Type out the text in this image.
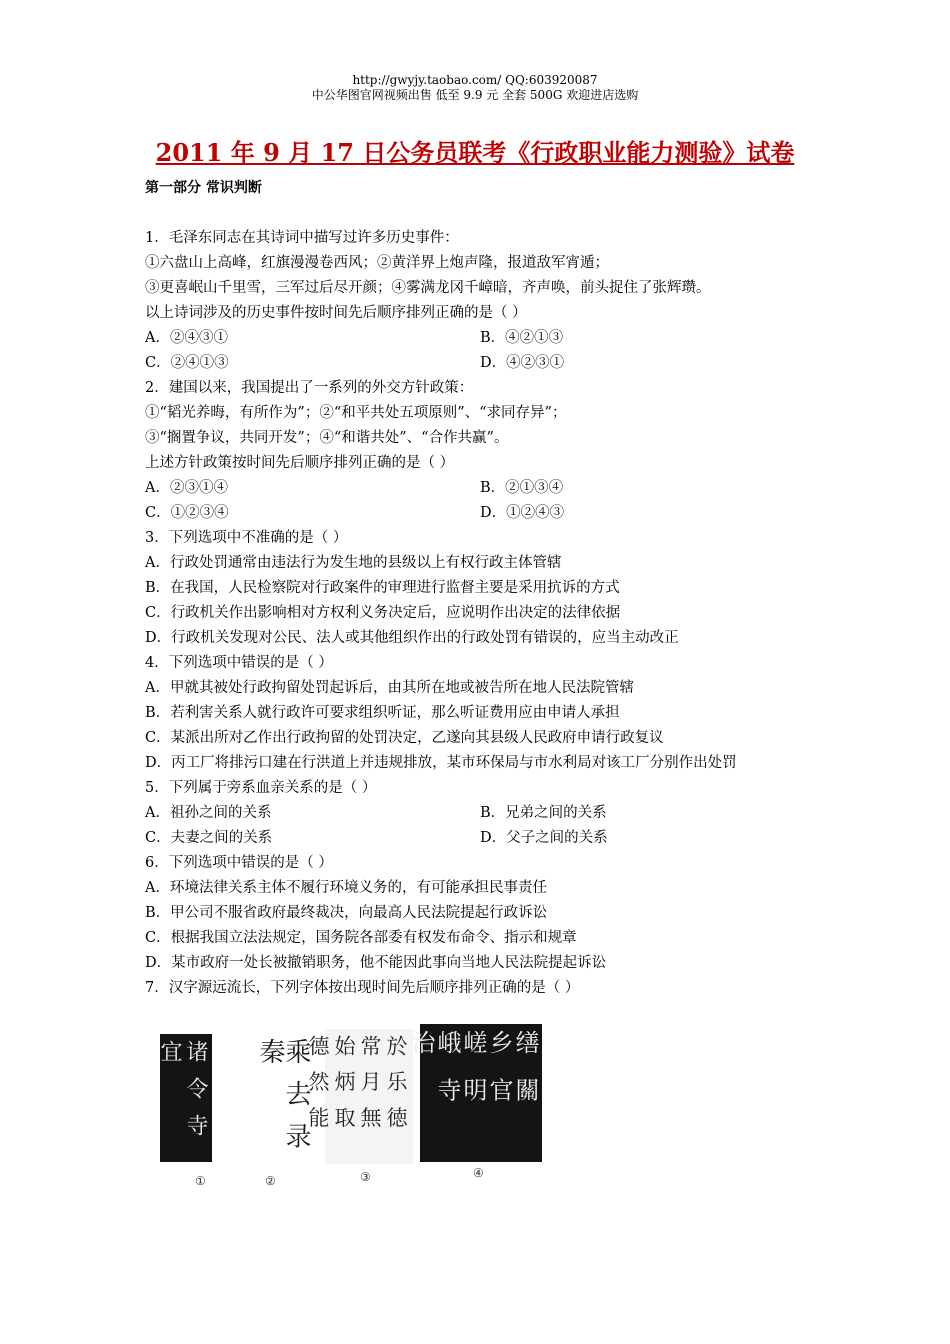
http://gwyjy.taobao.com/ QQ:603920087
中公华图官网视频出售 低至 9.9 元 全套 500G 欢迎进店选购
2011 年 9 月 17 日公务员联考《行政职业能力测验》试卷
第一部分 常识判断
1．毛泽东同志在其诗词中描写过许多历史事件：
①六盘山上高峰，红旗漫漫卷西风；②黄洋界上炮声隆，报道敌军宵遁；
③更喜岷山千里雪，三军过后尽开颜；④雾满龙冈千嶂暗，齐声唤，前头捉住了张辉瓒。
以上诗词涉及的历史事件按时间先后顺序排列正确的是（ ）
A．②④③①	B．④②①③
C．②④①③	D．④②③①
2．建国以来，我国提出了一系列的外交方针政策：
①“韬光养晦，有所作为”；②“和平共处五项原则”、“求同存异”；
③“搁置争议，共同开发”；④“和谐共处”、“合作共赢”。
上述方针政策按时间先后顺序排列正确的是（ ）
A．②③①④	B．②①③④
C．①②③④	D．①②④③
3．下列选项中不准确的是（ ）
A．行政处罚通常由违法行为发生地的县级以上有权行政主体管辖
B．在我国，人民检察院对行政案件的审理进行监督主要是采用抗诉的方式
C．行政机关作出影响相对方权利义务决定后，应说明作出决定的法律依据
D．行政机关发现对公民、法人或其他组织作出的行政处罚有错误的，应当主动改正
4．下列选项中错误的是（ ）
A．甲就其被处行政拘留处罚起诉后，由其所在地或被告所在地人民法院管辖
B．若利害关系人就行政许可要求组织听证，那么听证费用应由申请人承担
C．某派出所对乙作出行政拘留的处罚决定，乙遂向其县级人民政府申请行政复议
D．丙工厂将排污口建在行洪道上并违规排放，某市环保局与市水利局对该工厂分别作出处罚
5．下列属于旁系血亲关系的是（ ）
A．祖孙之间的关系	B．兄弟之间的关系
C．夫妻之间的关系	D．父子之间的关系
6．下列选项中错误的是（ ）
A．环境法律关系主体不履行环境义务的，有可能承担民事责任
B．甲公司不服省政府最终裁决，向最高人民法院提起行政诉讼
C．根据我国立法法规定，国务院各部委有权发布命令、指示和规章
D．某市政府一处长被撤销职务，他不能因此事向当地人民法院提起诉讼
7．汉字源远流长，下列字体按出现时间先后顺序排列正确的是（ ）
诸 令 寺 宜	乘 去 录 秦	於 乐 徳 常 月 無 始 炳 取 德 然 能	缮 關 乡 官 嵯 明 峨 寺 治
①	②	③	④
